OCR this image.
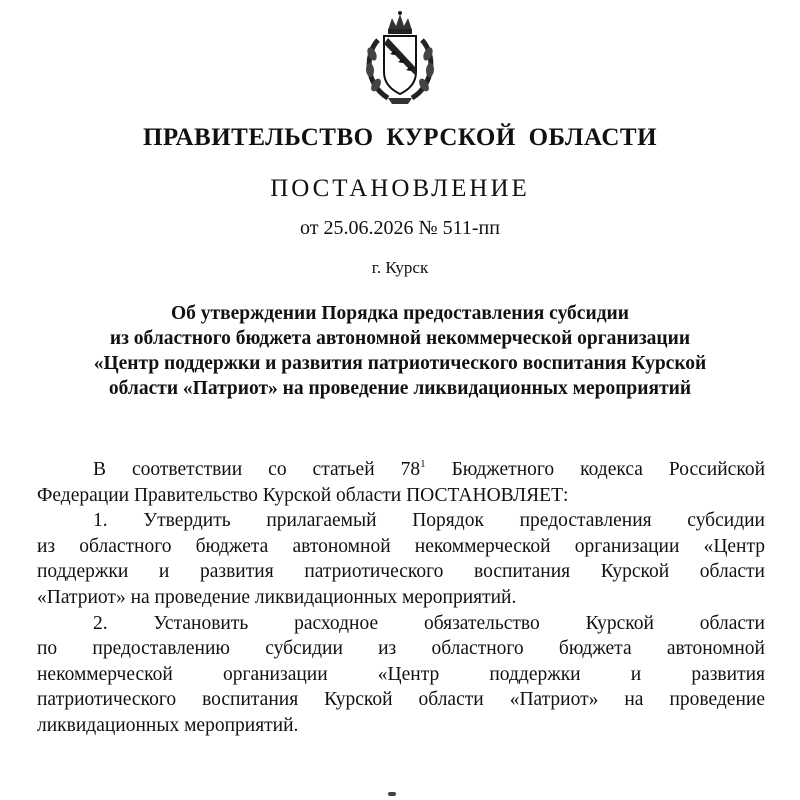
ПРАВИТЕЛЬСТВО КУРСКОЙ ОБЛАСТИ
ПОСТАНОВЛЕНИЕ
от 25.06.2026 № 511-пп
г. Курск
Об утверждении Порядка предоставления субсидии
из областного бюджета автономной некоммерческой организации
«Центр поддержки и развития патриотического воспитания Курской
области «Патриот» на проведение ликвидационных мероприятий
В соответствии со статьей $78^1$ Бюджетного кодекса Российской
Федерации Правительство Курской области ПОСТАНОВЛЯЕТ:
1. Утвердить прилагаемый Порядок предоставления субсидии
из областного бюджета автономной некоммерческой организации «Центр
поддержки и развития патриотического воспитания Курской области
«Патриот» на проведение ликвидационных мероприятий.
2. Установить расходное обязательство Курской области
по предоставлению субсидии из областного бюджета автономной
некоммерческой организации «Центр поддержки и развития
патриотического воспитания Курской области «Патриот» на проведение
ликвидационных мероприятий.
